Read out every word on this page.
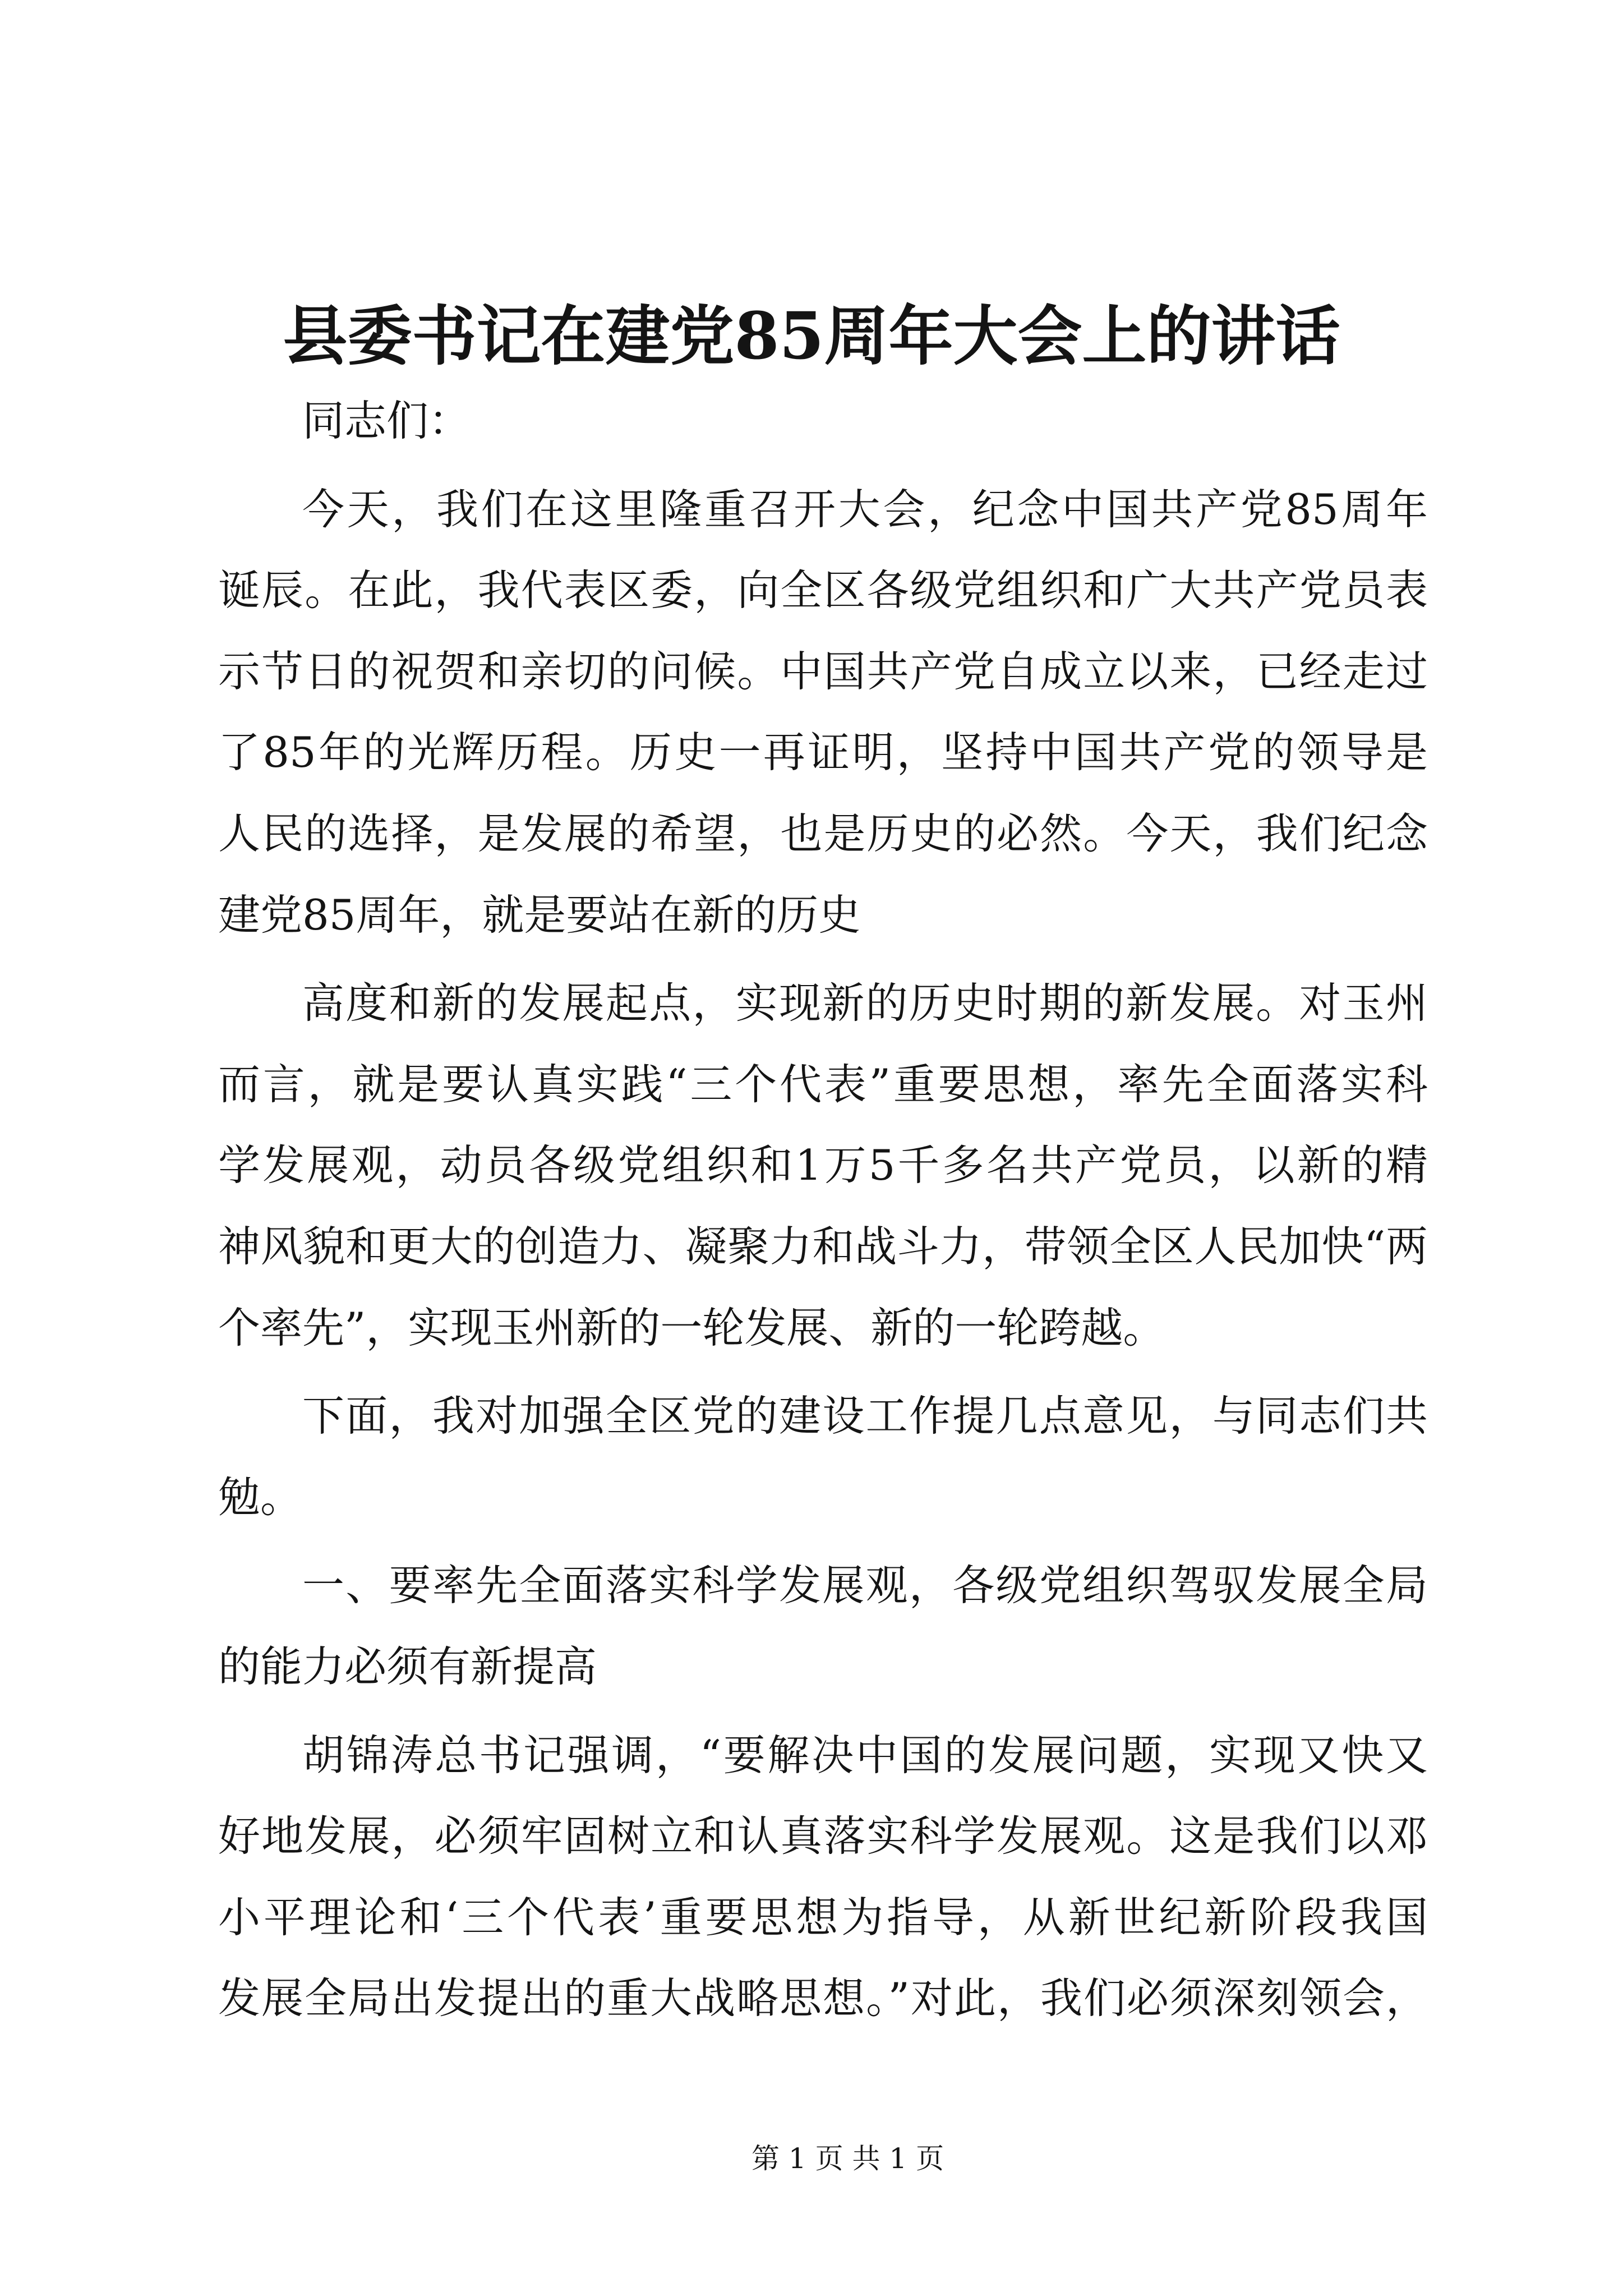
县委书记在建党85周年大会上的讲话
同志们：
今天，我们在这里隆重召开大会，纪念中国共产党85周年
诞辰。在此，我代表区委，向全区各级党组织和广大共产党员表
示节日的祝贺和亲切的问候。中国共产党自成立以来，已经走过
了85年的光辉历程。历史一再证明，坚持中国共产党的领导是
人民的选择，是发展的希望，也是历史的必然。今天，我们纪念
建党85周年，就是要站在新的历史
高度和新的发展起点，实现新的历史时期的新发展。对玉州
而言，就是要认真实践“三个代表”重要思想，率先全面落实科
学发展观，动员各级党组织和1万5千多名共产党员，以新的精
神风貌和更大的创造力、凝聚力和战斗力，带领全区人民加快“两
个率先”，实现玉州新的一轮发展、新的一轮跨越。
下面，我对加强全区党的建设工作提几点意见，与同志们共
勉。
一、要率先全面落实科学发展观，各级党组织驾驭发展全局
的能力必须有新提高
胡锦涛总书记强调，“要解决中国的发展问题，实现又快又
好地发展，必须牢固树立和认真落实科学发展观。这是我们以邓
小平理论和‘三个代表’重要思想为指导，从新世纪新阶段我国
发展全局出发提出的重大战略思想。”对此，我们必须深刻领会，
第 1 页 共 1 页
